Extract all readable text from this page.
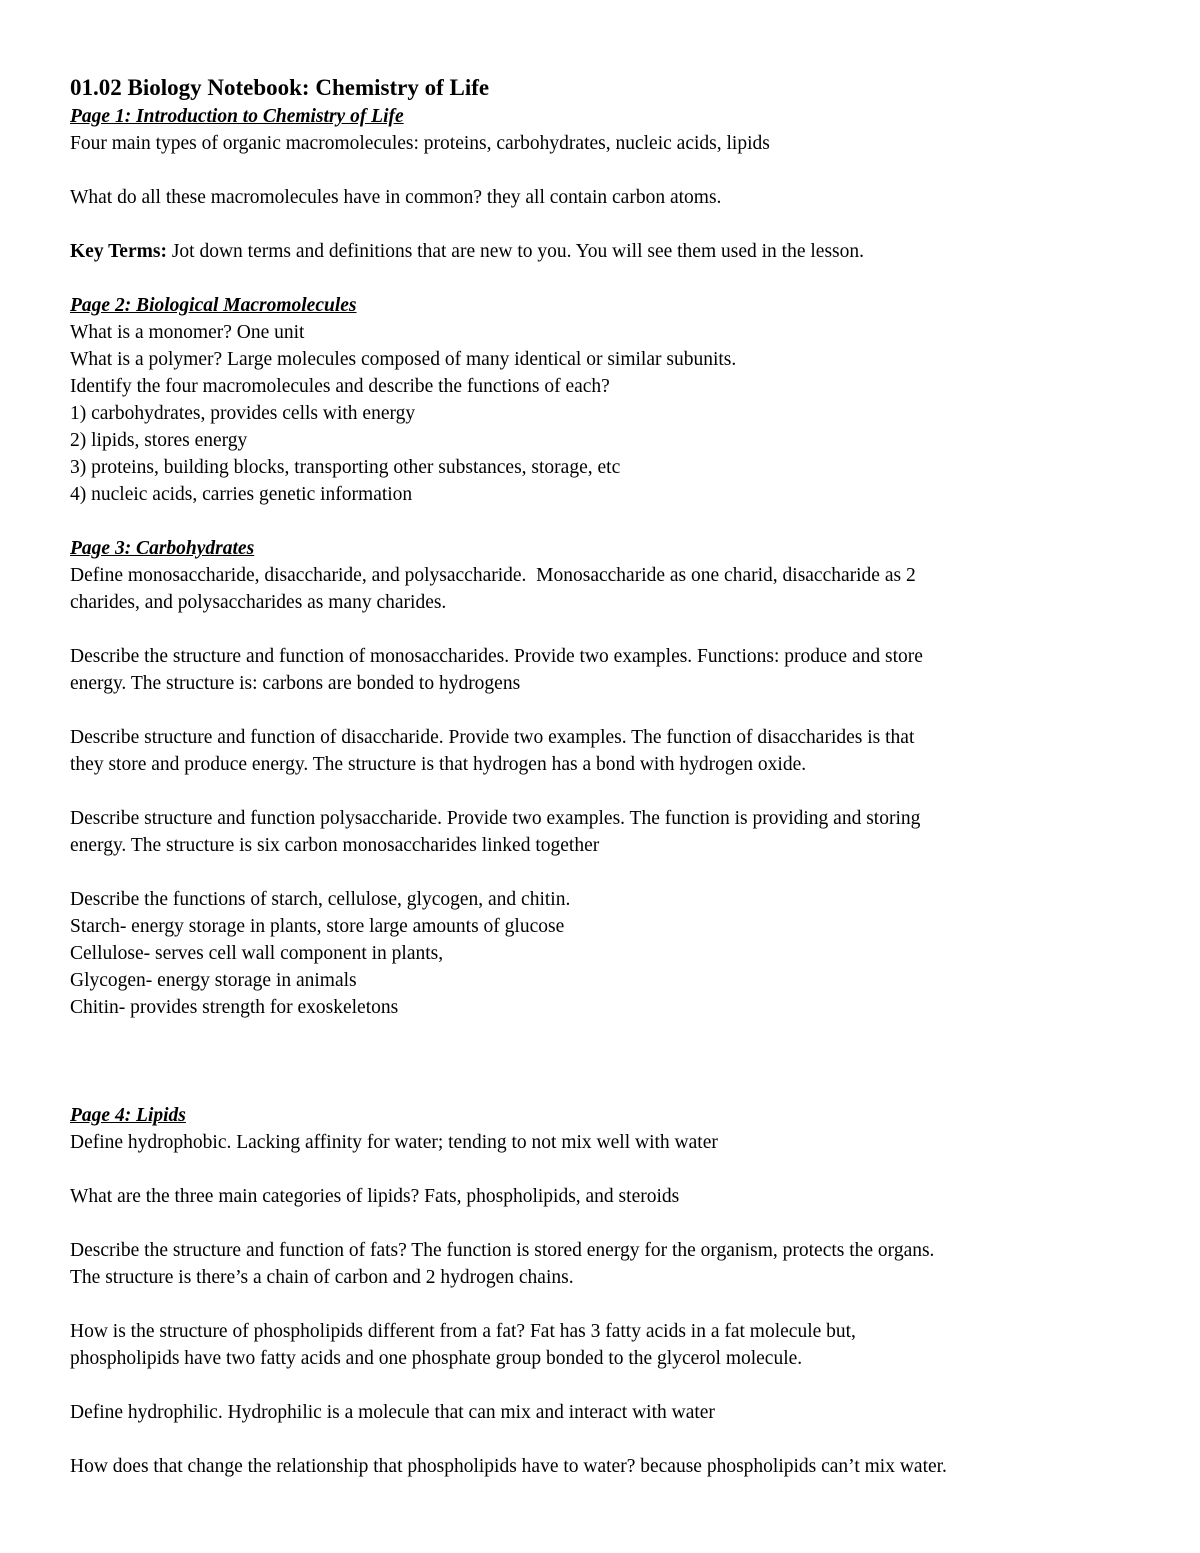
01.02 Biology Notebook: Chemistry of Life

Page 1: Introduction to Chemistry of Life

Four main types of organic macromolecules: proteins, carbohydrates, nucleic acids, lipids

What do all these macromolecules have in common? they all contain carbon atoms.

Key Terms: Jot down terms and definitions that are new to you. You will see them used in the lesson.

Page 2: Biological Macromolecules

What is a monomer? One unit

What is a polymer? Large molecules composed of many identical or similar subunits.

Identify the four macromolecules and describe the functions of each?

1) carbohydrates, provides cells with energy

2) lipids, stores energy

3) proteins, building blocks, transporting other substances, storage, etc

4) nucleic acids, carries genetic information

Page 3: Carbohydrates

Define monosaccharide, disaccharide, and polysaccharide.  Monosaccharide as one charid, disaccharide as 2

charides, and polysaccharides as many charides.

Describe the structure and function of monosaccharides. Provide two examples. Functions: produce and store

energy. The structure is: carbons are bonded to hydrogens

Describe structure and function of disaccharide. Provide two examples. The function of disaccharides is that

they store and produce energy. The structure is that hydrogen has a bond with hydrogen oxide.

Describe structure and function polysaccharide. Provide two examples. The function is providing and storing

energy. The structure is six carbon monosaccharides linked together

Describe the functions of starch, cellulose, glycogen, and chitin.

Starch- energy storage in plants, store large amounts of glucose

Cellulose- serves cell wall component in plants,

Glycogen- energy storage in animals

Chitin- provides strength for exoskeletons

Page 4: Lipids

Define hydrophobic. Lacking affinity for water; tending to not mix well with water

What are the three main categories of lipids? Fats, phospholipids, and steroids

Describe the structure and function of fats? The function is stored energy for the organism, protects the organs.

The structure is there’s a chain of carbon and 2 hydrogen chains.

How is the structure of phospholipids different from a fat? Fat has 3 fatty acids in a fat molecule but,

phospholipids have two fatty acids and one phosphate group bonded to the glycerol molecule.

Define hydrophilic. Hydrophilic is a molecule that can mix and interact with water

How does that change the relationship that phospholipids have to water? because phospholipids can’t mix water.
